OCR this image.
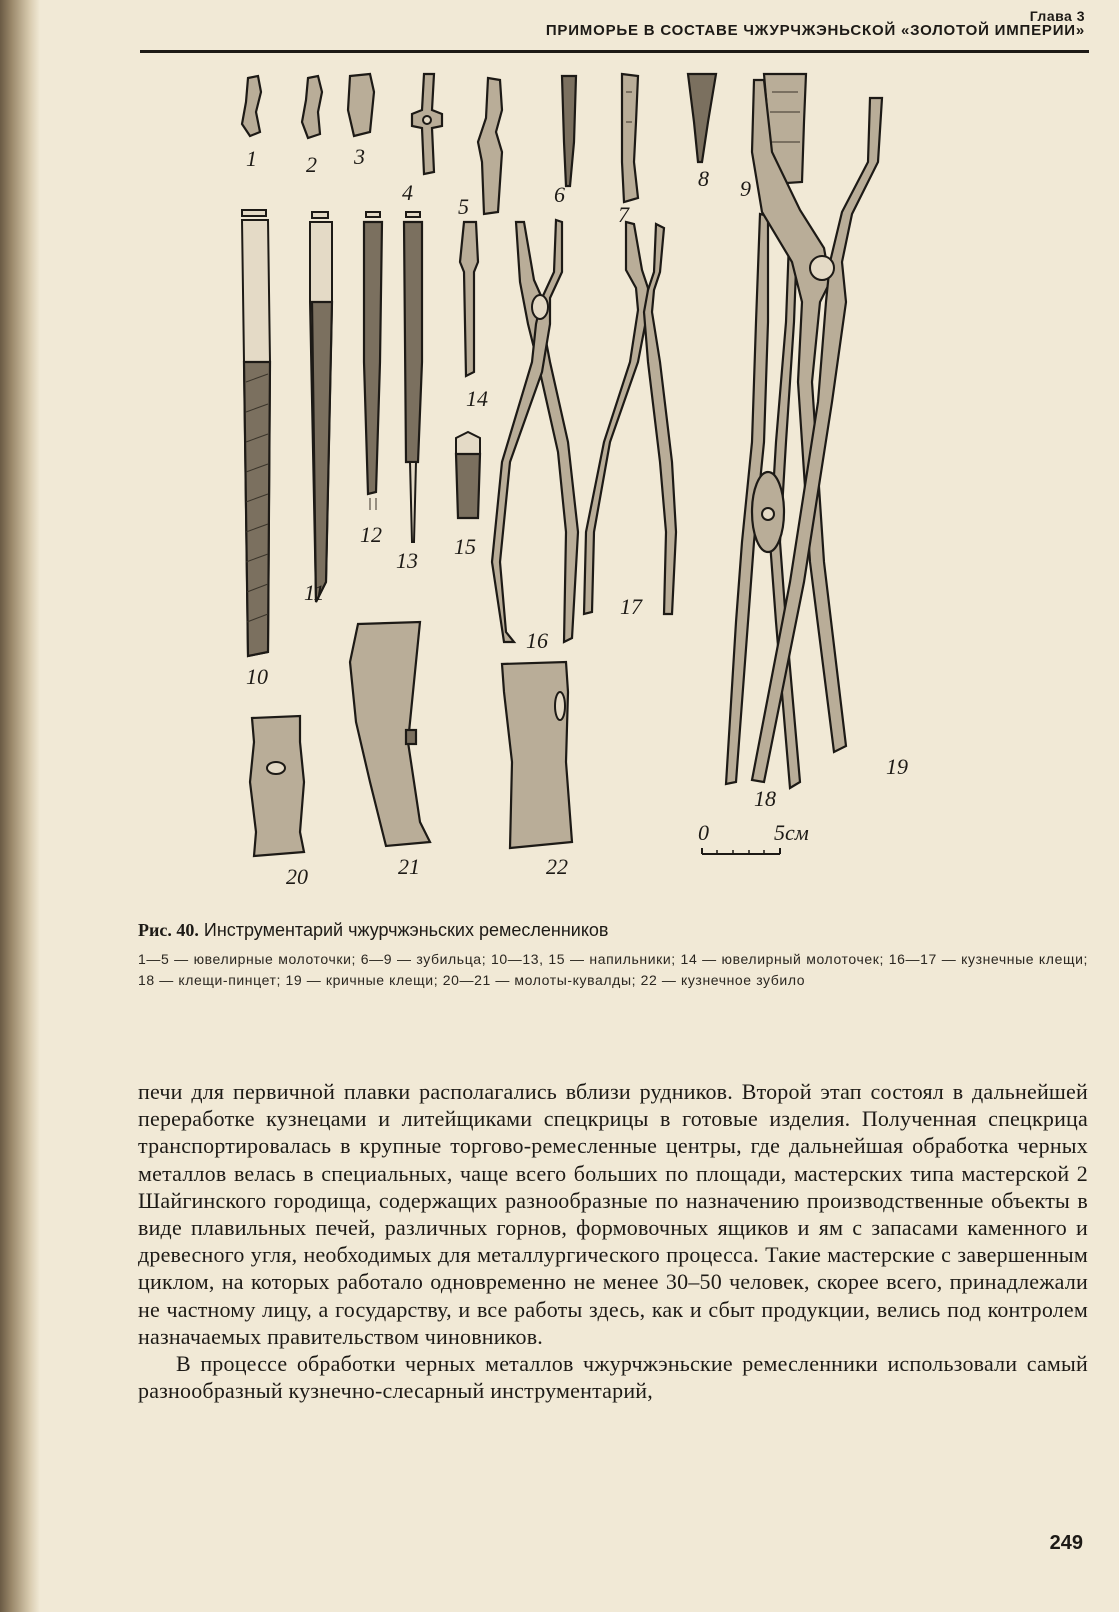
Глава 3
ПРИМОРЬЕ В СОСТАВЕ ЧЖУРЧЖЭНЬСКОЙ «ЗОЛОТОЙ ИМПЕРИИ»
0	5см
1 2 3
4
5	6
7
8 9
10
11
12
13
14
15
16
17
18
19
20	21	22
Рис. 40. Инструментарий чжурчжэньских ремесленников
1—5 — ювелирные молоточки; 6—9 — зубильца; 10—13, 15 — напильники; 14 — ювелирный молоточек; 16—17 — кузнечные клещи; 18 — клещи-пинцет; 19 — кричные клещи; 20—21 — молоты-кувалды; 22 — кузнечное зубило

печи для первичной плавки располагались вблизи рудников. Второй этап состоял в дальнейшей переработке кузнецами и литейщиками спецкрицы в готовые изделия. Полученная спецкрица транспортировалась в крупные торгово-ремесленные центры, где дальнейшая обработка черных металлов велась в специальных, чаще всего больших по площади, мастерских типа мастерской 2 Шайгинского городища, содержащих разнообразные по назначению производственные объекты в виде плавильных печей, различных горнов, формовочных ящиков и ям с запасами каменного и древесного угля, необходимых для металлургического процесса. Такие мастерские с завершенным циклом, на которых работало одновременно не менее 30–50 человек, скорее всего, принадлежали не частному лицу, а государству, и все работы здесь, как и сбыт продукции, велись под контролем назначаемых правительством чиновников.

В процессе обработки черных металлов чжурчжэньские ремесленники использовали самый разнообразный кузнечно-слесарный инструментарий,

249
